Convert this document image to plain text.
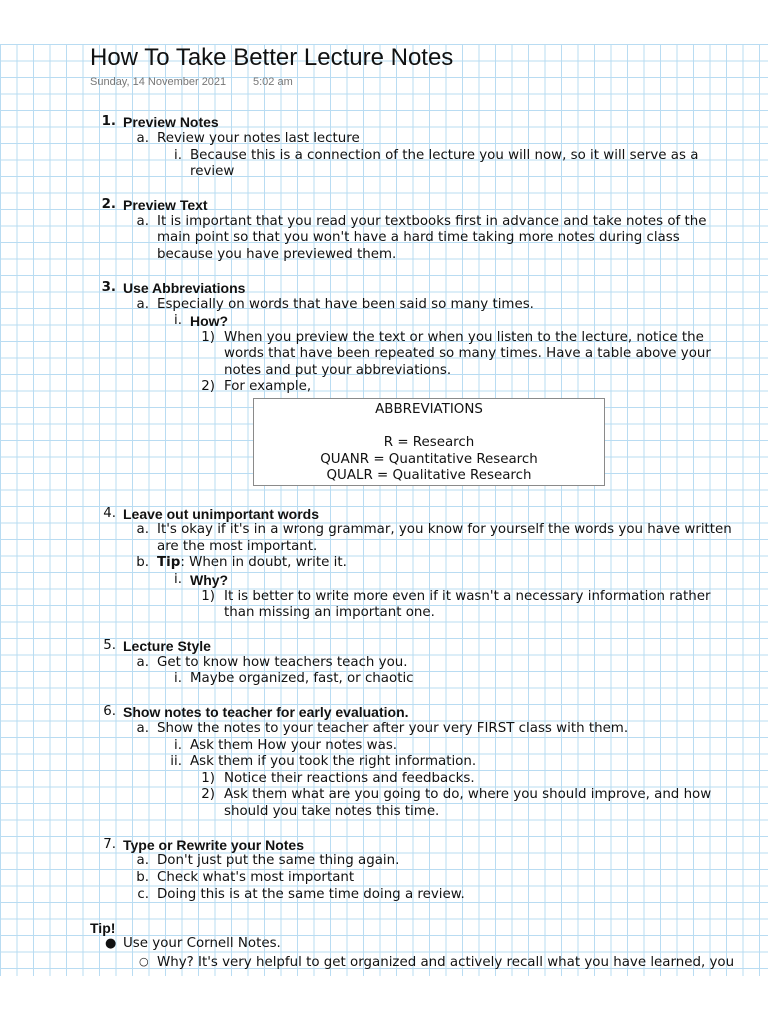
How To Take Better Lecture Notes
Sunday, 14 November 2021 5:02 am
1. Preview Notes
a. Review your notes last lecture
i. Because this is a connection of the lecture you will now, so it will serve as a
review
2. Preview Text
a. It is important that you read your textbooks first in advance and take notes of the
main point so that you won't have a hard time taking more notes during class
because you have previewed them.
3. Use Abbreviations
a. Especially on words that have been said so many times.
i. How?
1) When you preview the text or when you listen to the lecture, notice the
words that have been repeated so many times. Have a table above your
notes and put your abbreviations.
2) For example,
ABBREVIATIONS
R = Research
QUANR = Quantitative Research
QUALR = Qualitative Research
4. Leave out unimportant words
a. It's okay if it's in a wrong grammar, you know for yourself the words you have written
are the most important.
b. Tip: When in doubt, write it.
i. Why?
1) It is better to write more even if it wasn't a necessary information rather
than missing an important one.
5. Lecture Style
a. Get to know how teachers teach you.
i. Maybe organized, fast, or chaotic
6. Show notes to teacher for early evaluation.
a. Show the notes to your teacher after your very FIRST class with them.
i. Ask them How your notes was.
ii. Ask them if you took the right information.
1) Notice their reactions and feedbacks.
2) Ask them what are you going to do, where you should improve, and how
should you take notes this time.
7. Type or Rewrite your Notes
a. Don't just put the same thing again.
b. Check what's most important
c. Doing this is at the same time doing a review.
Tip!
● Use your Cornell Notes.
○ Why? It's very helpful to get organized and actively recall what you have learned, you
